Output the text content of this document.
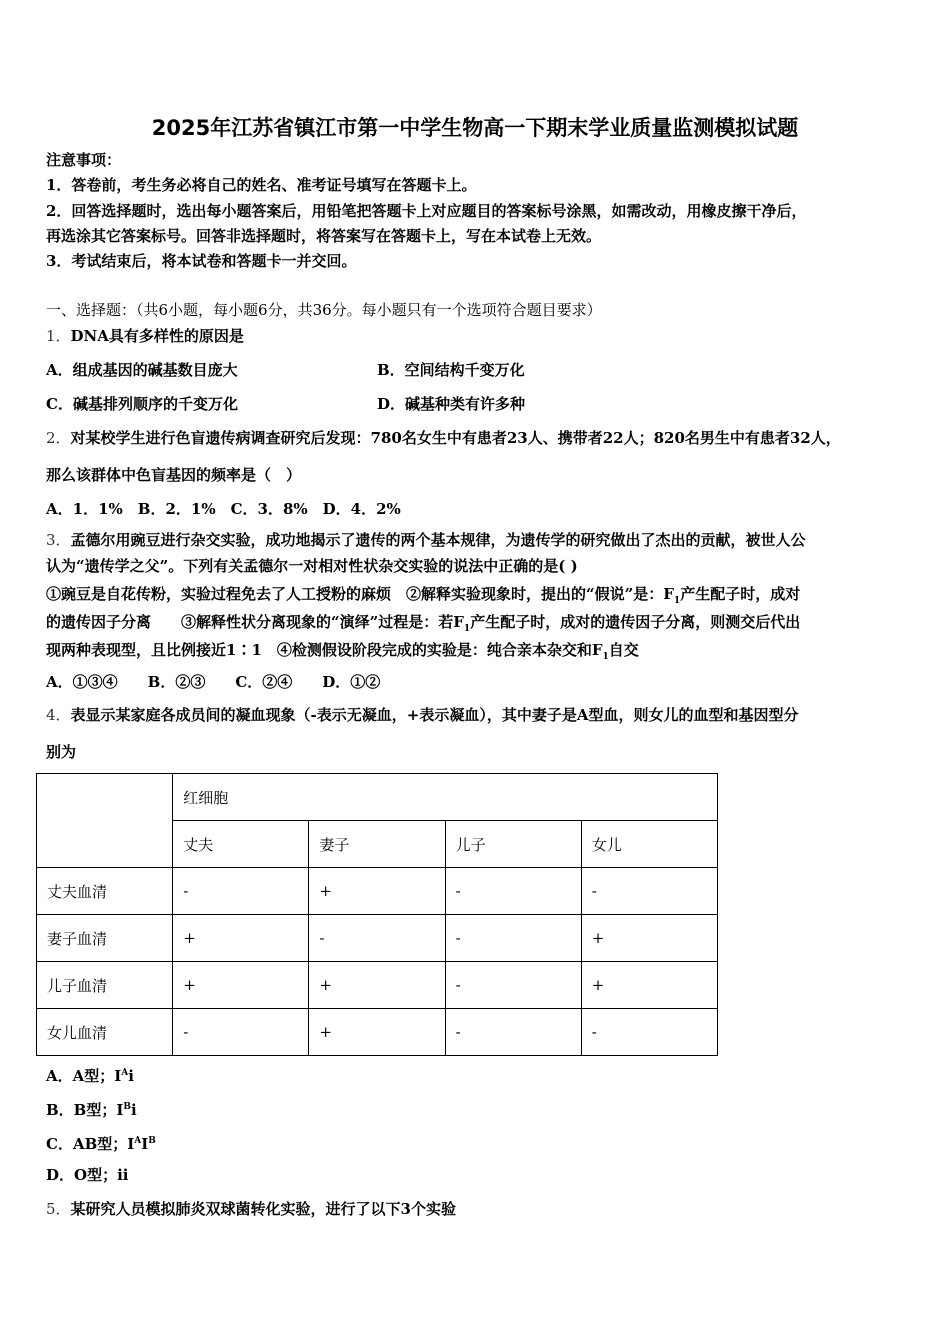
2025年江苏省镇江市第一中学生物高一下期末学业质量监测模拟试题
注意事项：
1．答卷前，考生务必将自己的姓名、准考证号填写在答题卡上。
2．回答选择题时，选出每小题答案后，用铅笔把答题卡上对应题目的答案标号涂黑，如需改动，用橡皮擦干净后，
再选涂其它答案标号。回答非选择题时，将答案写在答题卡上，写在本试卷上无效。
3．考试结束后，将本试卷和答题卡一并交回。
一、选择题：（共6小题，每小题6分，共36分。每小题只有一个选项符合题目要求）
1．DNA具有多样性的原因是
A．组成基因的碱基数目庞大	B．空间结构千变万化
C．碱基排列顺序的千变万化	D．碱基种类有许多种
2．对某校学生进行色盲遗传病调查研究后发现：780名女生中有患者23人、携带者22人；820名男生中有患者32人，
那么该群体中色盲基因的频率是（　）
A．1．1%　B．2．1%　C．3．8%　D．4．2%
3．孟德尔用豌豆进行杂交实验，成功地揭示了遗传的两个基本规律，为遗传学的研究做出了杰出的贡献，被世人公
认为“遗传学之父”。下列有关孟德尔一对相对性状杂交实验的说法中正确的是( )
①豌豆是自花传粉，实验过程免去了人工授粉的麻烦　②解释实验现象时，提出的“假说”是：$F_1$产生配子时，成对
的遗传因子分离　　③解释性状分离现象的“演绎”过程是：若$F_1$产生配子时，成对的遗传因子分离，则测交后代出
现两种表现型，且比例接近1∶1　④检测假设阶段完成的实验是：纯合亲本杂交和$F_1$自交
A．①③④　　B．②③　　C．②④　　D．①②
4．表显示某家庭各成员间的凝血现象（-表示无凝血，+表示凝血），其中妻子是A型血，则女儿的血型和基因型分
别为
	红细胞			
	丈夫	妻子	儿子	女儿
丈夫血清	-	+	-	-
妻子血清	+	-	-	+
儿子血清	+	+	-	+
女儿血清	-	+	-	-
A．A型；$I^Ai$
B．B型；$I^Bi$
C．AB型；$I^AI^B$
D．O型；ii
5．某研究人员模拟肺炎双球菌转化实验，进行了以下3个实验
